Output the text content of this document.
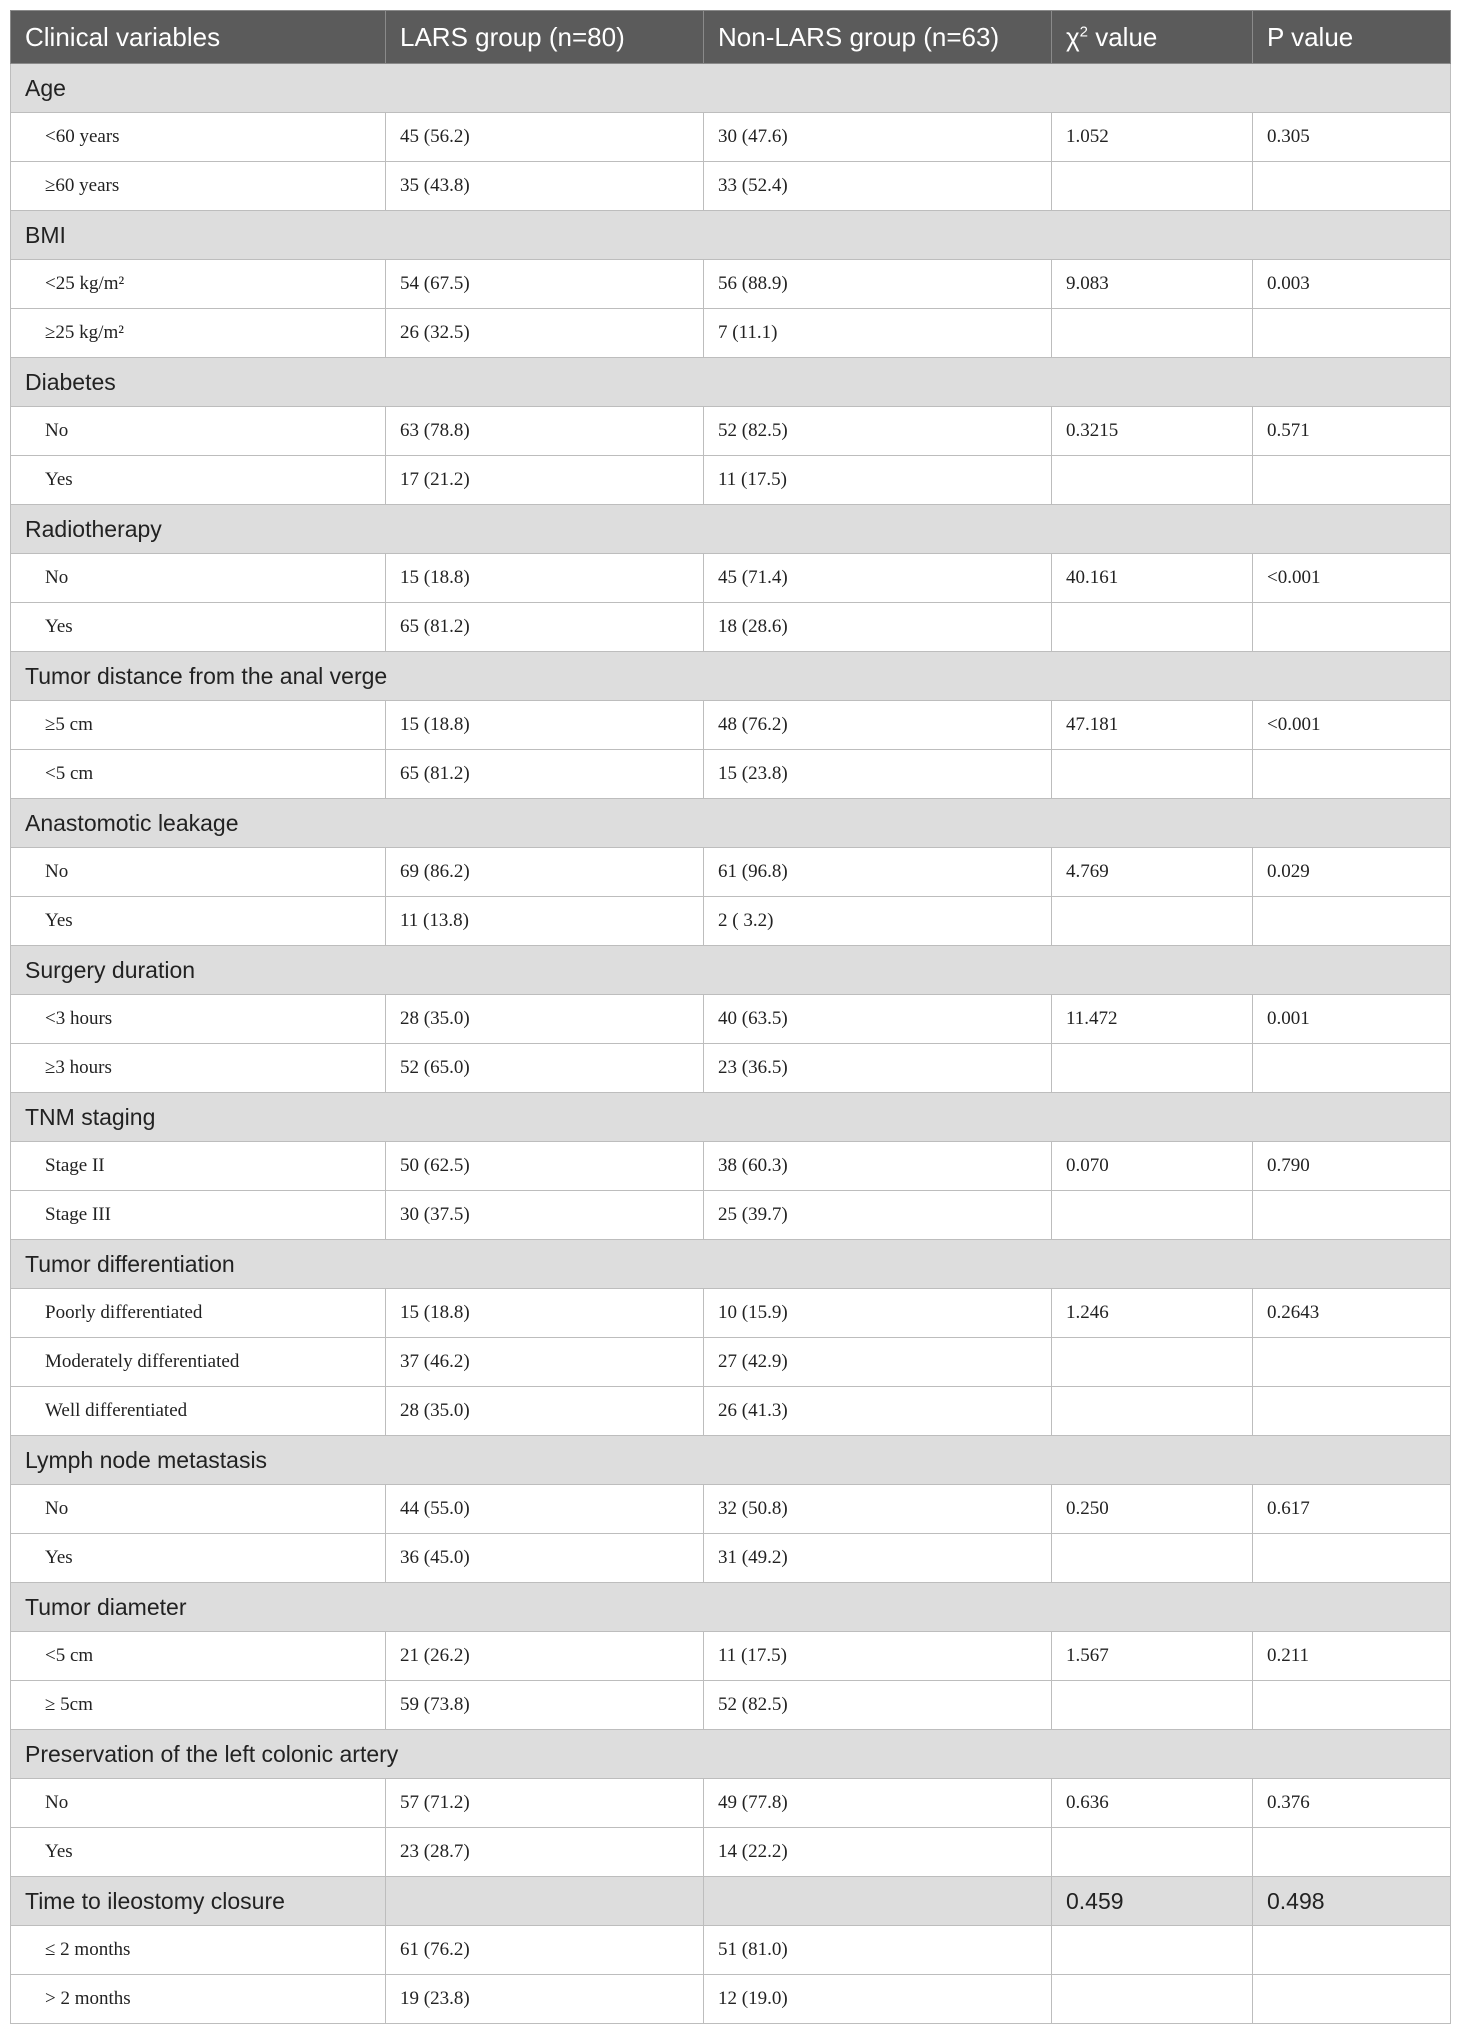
Clinical variables	LARS group (n=80)	Non-LARS group (n=63)	$\chi^2$ value	P value
Age				
<60 years	45 (56.2)	30 (47.6)	1.052	0.305
≥60 years	35 (43.8)	33 (52.4)		
BMI				
<25 kg/m²	54 (67.5)	56 (88.9)	9.083	0.003
≥25 kg/m²	26 (32.5)	7 (11.1)		
Diabetes				
No	63 (78.8)	52 (82.5)	0.3215	0.571
Yes	17 (21.2)	11 (17.5)		
Radiotherapy				
No	15 (18.8)	45 (71.4)	40.161	<0.001
Yes	65 (81.2)	18 (28.6)		
Tumor distance from the anal verge				
≥5 cm	15 (18.8)	48 (76.2)	47.181	<0.001
<5 cm	65 (81.2)	15 (23.8)		
Anastomotic leakage				
No	69 (86.2)	61 (96.8)	4.769	0.029
Yes	11 (13.8)	2 ( 3.2)		
Surgery duration				
<3 hours	28 (35.0)	40 (63.5)	11.472	0.001
≥3 hours	52 (65.0)	23 (36.5)		
TNM staging				
Stage II	50 (62.5)	38 (60.3)	0.070	0.790
Stage III	30 (37.5)	25 (39.7)		
Tumor differentiation				
Poorly differentiated	15 (18.8)	10 (15.9)	1.246	0.2643
Moderately differentiated	37 (46.2)	27 (42.9)		
Well differentiated	28 (35.0)	26 (41.3)		
Lymph node metastasis				
No	44 (55.0)	32 (50.8)	0.250	0.617
Yes	36 (45.0)	31 (49.2)		
Tumor diameter				
<5 cm	21 (26.2)	11 (17.5)	1.567	0.211
≥ 5cm	59 (73.8)	52 (82.5)		
Preservation of the left colonic artery				
No	57 (71.2)	49 (77.8)	0.636	0.376
Yes	23 (28.7)	14 (22.2)		
Time to ileostomy closure			0.459	0.498
≤ 2 months	61 (76.2)	51 (81.0)		
> 2 months	19 (23.8)	12 (19.0)		
